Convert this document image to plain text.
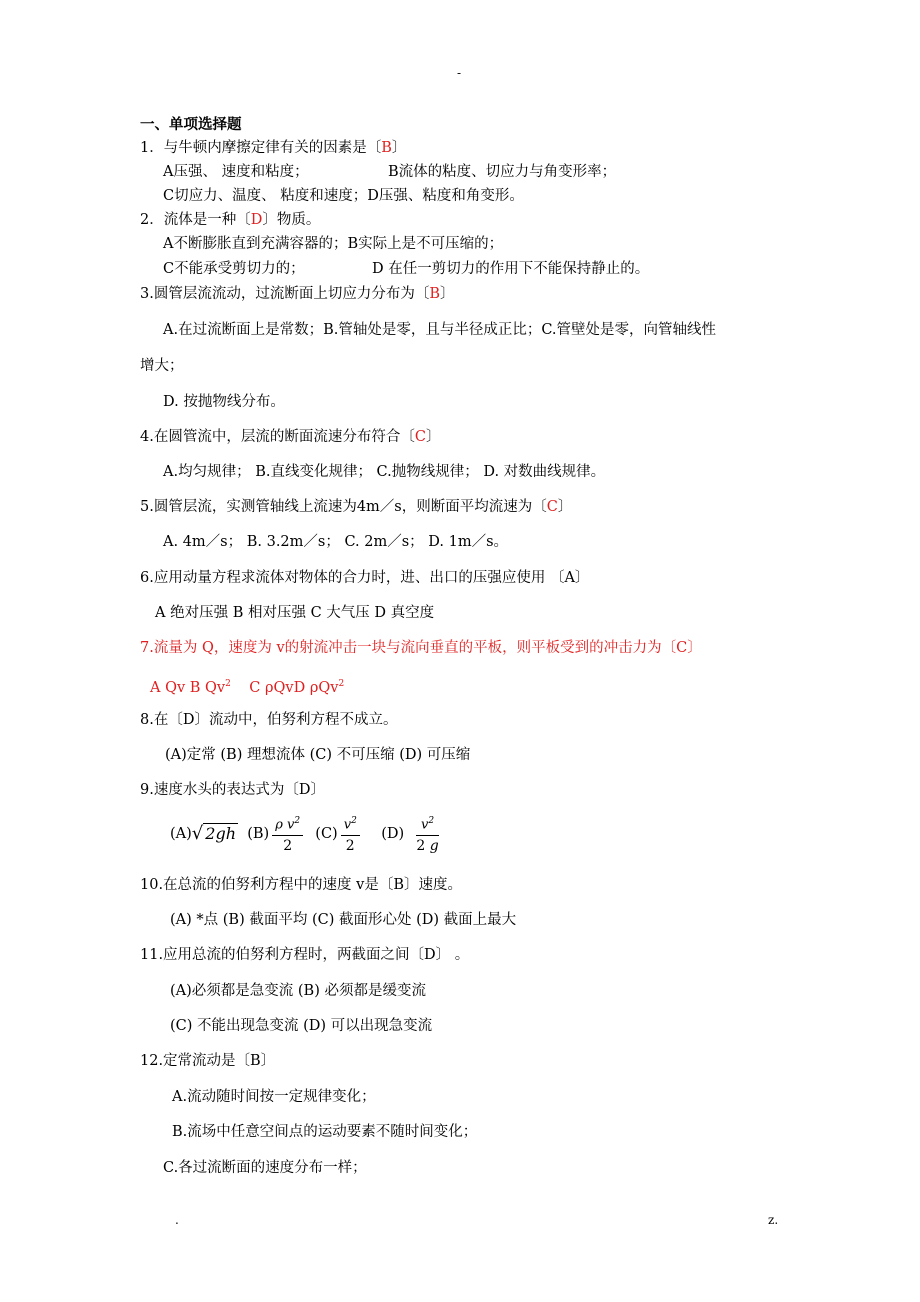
-
一、单项选择题
1．与牛顿内摩擦定律有关的因素是〔B〕
A压强、 速度和粘度；	B流体的粘度、切应力与角变形率；
C切应力、温度、 粘度和速度；D压强、粘度和角变形。
2．流体是一种〔D〕物质。
A不断膨胀直到充满容器的；B实际上是不可压缩的；
C不能承受剪切力的；	D 在任一剪切力的作用下不能保持静止的。
3.圆管层流流动，过流断面上切应力分布为〔B〕
A.在过流断面上是常数；B.管轴处是零，且与半径成正比；C.管壁处是零，向管轴线性
增大；
D. 按抛物线分布。
4.在圆管流中，层流的断面流速分布符合〔C〕
A.均匀规律； B.直线变化规律； C.抛物线规律； D. 对数曲线规律。
5.圆管层流，实测管轴线上流速为4m／s，则断面平均流速为〔C〕
A. 4m／s； B. 3.2m／s； C. 2m／s； D. 1m／s。
6.应用动量方程求流体对物体的合力时，进、出口的压强应使用 〔A〕
A 绝对压强 B 相对压强 C 大气压 D 真空度
7.流量为 Q，速度为 v的射流冲击一块与流向垂直的平板，则平板受到的冲击力为〔C〕
A Qv B Qv$^2$ C ρQvD ρQv$^2$
8.在〔D〕流动中，伯努利方程不成立。
(A)定常 (B) 理想流体 (C) 不可压缩 (D) 可压缩
9.速度水头的表达式为〔D〕
(A)√ 2gh $(B) \frac{\rho v^2}{2} (C) \frac{v^2}{2} (D) \frac{v^2}{2 g}$
10.在总流的伯努利方程中的速度 v是〔B〕速度。
(A) *点 (B) 截面平均 (C) 截面形心处 (D) 截面上最大
11.应用总流的伯努利方程时，两截面之间〔D〕 。
(A)必须都是急变流 (B) 必须都是缓变流
(C) 不能出现急变流 (D) 可以出现急变流
12.定常流动是〔B〕
A.流动随时间按一定规律变化；
B.流场中任意空间点的运动要素不随时间变化；
C.各过流断面的速度分布一样；
.	z.
